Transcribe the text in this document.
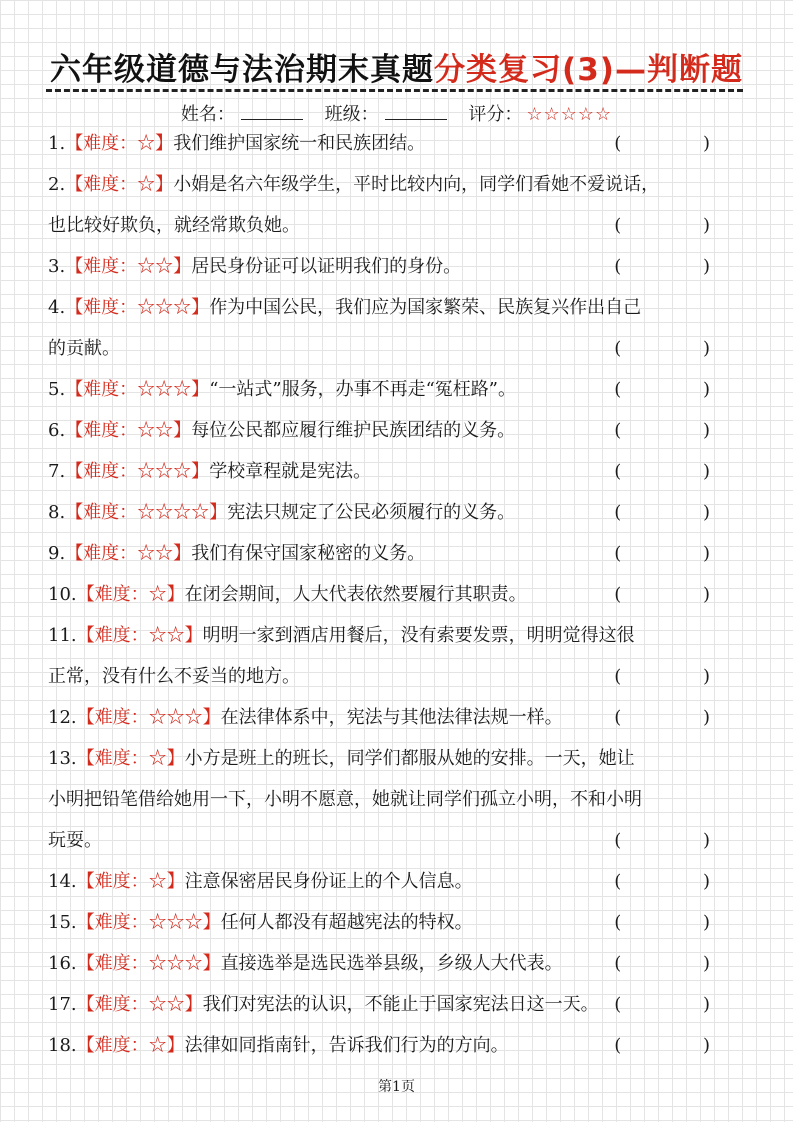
六年级道德与法治期末真题分类复习(3)—判断题
姓名：	班级：	评分： ☆☆☆☆☆
1.【难度：☆】我们维护国家统一和民族团结。	( )
2.【难度：☆】小娟是名六年级学生，平时比较内向，同学们看她不爱说话，
也比较好欺负，就经常欺负她。	( )
3.【难度：☆☆】居民身份证可以证明我们的身份。	( )
4.【难度：☆☆☆】作为中国公民，我们应为国家繁荣、民族复兴作出自己
的贡献。	( )
5.【难度：☆☆☆】“一站式”服务，办事不再走“冤枉路”。	( )
6.【难度：☆☆】每位公民都应履行维护民族团结的义务。	( )
7.【难度：☆☆☆】学校章程就是宪法。	( )
8.【难度：☆☆☆☆】宪法只规定了公民必须履行的义务。	( )
9.【难度：☆☆】我们有保守国家秘密的义务。	( )
10.【难度：☆】在闭会期间，人大代表依然要履行其职责。	( )
11.【难度：☆☆】明明一家到酒店用餐后，没有索要发票，明明觉得这很
正常，没有什么不妥当的地方。	( )
12.【难度：☆☆☆】在法律体系中，宪法与其他法律法规一样。	( )
13.【难度：☆】小方是班上的班长，同学们都服从她的安排。一天，她让
小明把铅笔借给她用一下，小明不愿意，她就让同学们孤立小明，不和小明
玩耍。	( )
14.【难度：☆】注意保密居民身份证上的个人信息。	( )
15.【难度：☆☆☆】任何人都没有超越宪法的特权。	( )
16.【难度：☆☆☆】直接选举是选民选举县级，乡级人大代表。	( )
17.【难度：☆☆】我们对宪法的认识，不能止于国家宪法日这一天。 ( )
18.【难度：☆】法律如同指南针，告诉我们行为的方向。	( )
第1页
